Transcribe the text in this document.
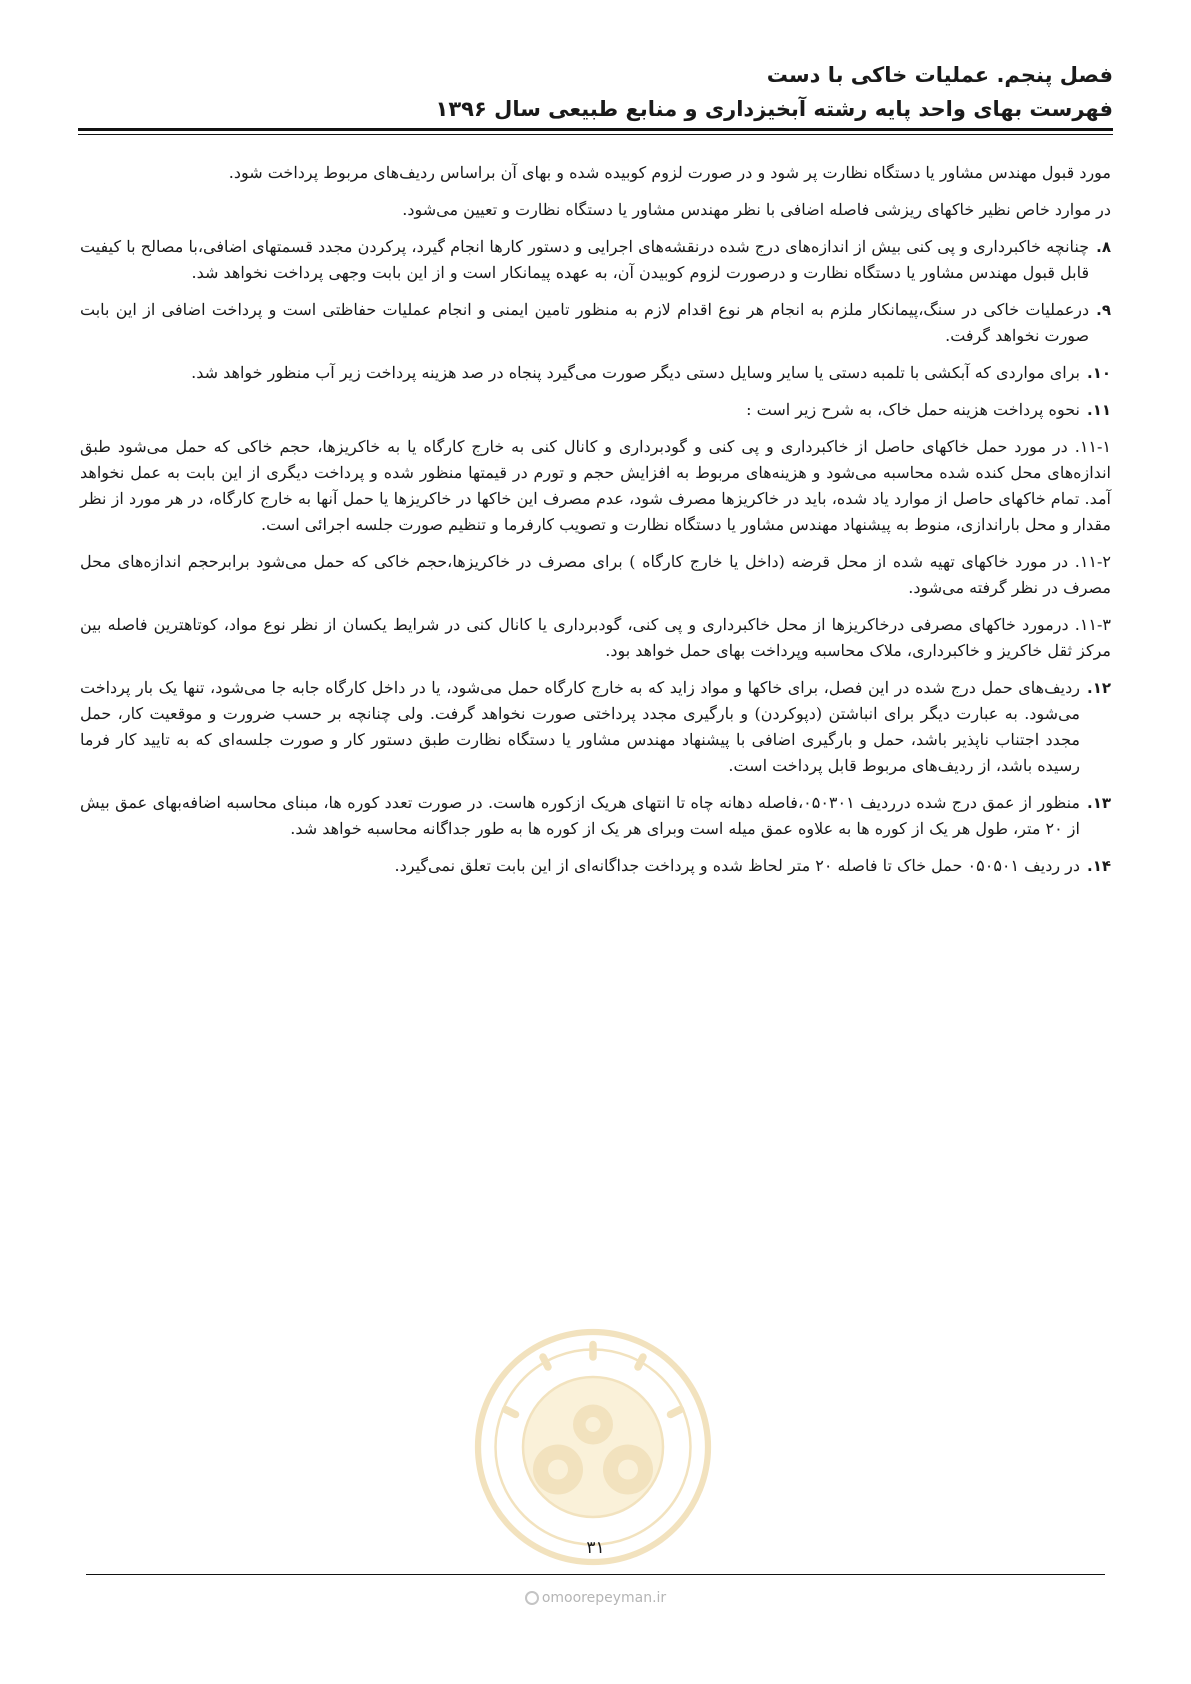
فصل پنجم. عملیات خاکی با دست
فهرست بهای واحد پایه رشته آبخیزداری و منابع طبیعی سال ۱۳۹۶

مورد قبول مهندس مشاور یا دستگاه نظارت پر شود و در صورت لزوم کوبیده شده و بهای آن براساس ردیف‌های مربوط پرداخت شود.

در موارد خاص نظیر خاکهای ریزشی فاصله اضافی با نظر مهندس مشاور یا دستگاه نظارت و تعیین می‌شود.

۸.
چنانچه خاکبرداری و پی کنی بیش از اندازه‌های درج شده درنقشه‌های اجرایی و دستور کارها انجام گیرد، پرکردن مجدد قسمتهای اضافی،با مصالح با کیفیت قابل قبول مهندس مشاور یا دستگاه نظارت و درصورت لزوم کوبیدن آن، به عهده پیمانکار است و از این بابت وجهی پرداخت نخواهد شد.
۹.
درعملیات خاکی در سنگ،پیمانکار ملزم به انجام هر نوع اقدام لازم به منظور تامین ایمنی و انجام عملیات حفاظتی است و پرداخت اضافی از این بابت صورت نخواهد گرفت.
۱۰.
برای مواردی که آبکشی با تلمبه دستی یا سایر وسایل دستی دیگر صورت می‌گیرد پنجاه در صد هزینه پرداخت زیر آب منظور خواهد شد.
۱۱.
نحوه پرداخت هزینه حمل خاک، به شرح زیر است :

۱۱-۱. در مورد حمل خاکهای حاصل از خاکبرداری و پی کنی و گودبرداری و کانال کنی به خارج کارگاه یا به خاکریزها، حجم خاکی که حمل می‌شود طبق اندازه‌های محل کنده شده محاسبه می‌شود و هزینه‌های مربوط به افزایش حجم و تورم در قیمتها منظور شده و پرداخت دیگری از این بابت به عمل نخواهد آمد. تمام خاکهای حاصل از موارد یاد شده، باید در خاکریزها مصرف شود، عدم مصرف این خاکها در خاکریزها یا حمل آنها به خارج کارگاه، در هر مورد از نظر مقدار و محل باراندازی، منوط به پیشنهاد مهندس مشاور یا دستگاه نظارت و تصویب کارفرما و تنظیم صورت جلسه اجرائی است.

۱۱-۲. در مورد خاکهای تهیه شده از محل قرضه (داخل یا خارج کارگاه ) برای مصرف در خاکریزها،حجم خاکی که حمل می‌شود برابرحجم اندازه‌های محل مصرف در نظر گرفته می‌شود.

۱۱-۳. درمورد خاکهای مصرفی درخاکریزها از محل خاکبرداری و پی کنی، گودبرداری یا کانال کنی در شرایط یکسان از نظر نوع مواد، کوتاهترین فاصله بین مرکز ثقل خاکریز و خاکبرداری، ملاک محاسبه وپرداخت بهای حمل خواهد بود.

۱۲.
ردیف‌های حمل درج شده در این فصل، برای خاکها و مواد زاید که به خارج کارگاه حمل می‌شود، یا در داخل کارگاه جابه جا می‌شود، تنها یک بار پرداخت می‌شود. به عبارت دیگر برای انباشتن (دپوکردن) و بارگیری مجدد پرداختی صورت نخواهد گرفت. ولی چنانچه بر حسب ضرورت و موقعیت کار، حمل مجدد اجتناب ناپذیر باشد، حمل و بارگیری اضافی با پیشنهاد مهندس مشاور یا دستگاه نظارت طبق دستور کار و صورت جلسه‌ای که به تایید کار فرما رسیده باشد، از ردیف‌های مربوط قابل پرداخت است.
۱۳.
منظور از عمق درج شده درردیف ۰۵۰۳۰۱،فاصله دهانه چاه تا انتهای هریک ازکوره هاست. در صورت تعدد کوره ها، مبنای محاسبه اضافه‌بهای عمق بیش از ۲۰ متر، طول هر یک از کوره ها به علاوه عمق میله است وبرای هر یک از کوره ها به طور جداگانه محاسبه خواهد شد.
۱۴.
در ردیف ۰۵۰۵۰۱ حمل خاک تا فاصله ۲۰ متر لحاظ شده و پرداخت جداگانه‌ای از این بابت تعلق نمی‌گیرد.
۳۱
omoorepeyman.ir
